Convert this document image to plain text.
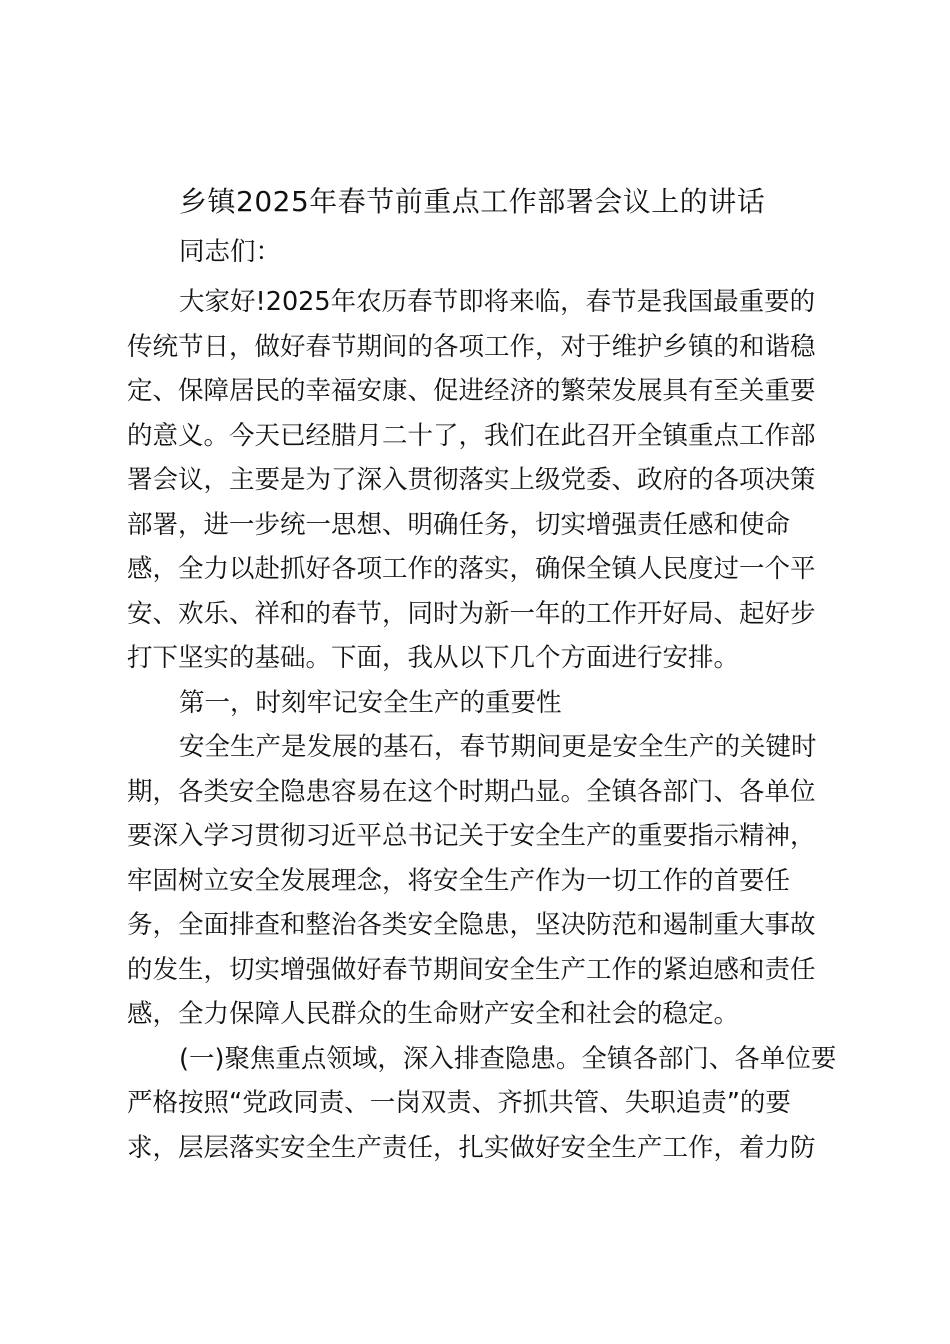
乡镇2025年春节前重点工作部署会议上的讲话

同志们：

大家好!2025年农历春节即将来临，春节是我国最重要的
传统节日，做好春节期间的各项工作，对于维护乡镇的和谐稳
定、保障居民的幸福安康、促进经济的繁荣发展具有至关重要
的意义。今天已经腊月二十了，我们在此召开全镇重点工作部
署会议，主要是为了深入贯彻落实上级党委、政府的各项决策
部署，进一步统一思想、明确任务，切实增强责任感和使命
感，全力以赴抓好各项工作的落实，确保全镇人民度过一个平
安、欢乐、祥和的春节，同时为新一年的工作开好局、起好步
打下坚实的基础。下面，我从以下几个方面进行安排。
第一，时刻牢记安全生产的重要性
安全生产是发展的基石，春节期间更是安全生产的关键时
期，各类安全隐患容易在这个时期凸显。全镇各部门、各单位
要深入学习贯彻习近平总书记关于安全生产的重要指示精神，
牢固树立安全发展理念，将安全生产作为一切工作的首要任
务，全面排查和整治各类安全隐患，坚决防范和遏制重大事故
的发生，切实增强做好春节期间安全生产工作的紧迫感和责任
感，全力保障人民群众的生命财产安全和社会的稳定。
(一)聚焦重点领域，深入排查隐患。全镇各部门、各单位要
严格按照“党政同责、一岗双责、齐抓共管、失职追责”的要
求，层层落实安全生产责任，扎实做好安全生产工作，着力防
